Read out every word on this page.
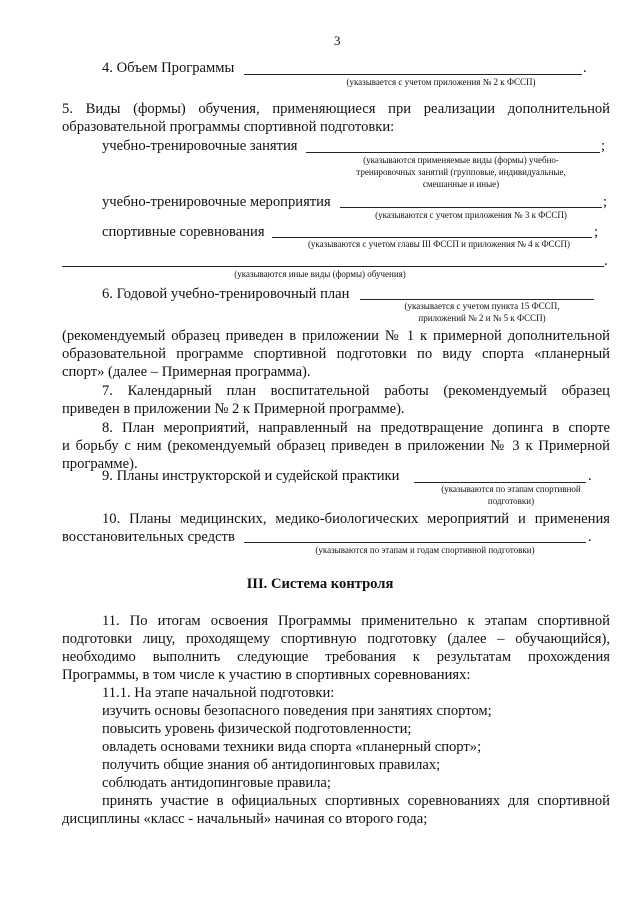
3
4. Объем Программы	.
(указывается с учетом приложения № 2 к ФССП)
5. Виды (формы) обучения, применяющиеся при реализации дополнительной
образовательной программы спортивной подготовки:
учебно-тренировочные занятия	;
(указываются применяемые виды (формы) учебно-
тренировочных занятий (групповые, индивидуальные,
смешанные и иные)
учебно-тренировочные мероприятия	;
(указываются с учетом приложения № 3 к ФССП)
спортивные соревнования	;
(указываются с учетом главы III ФССП и приложения № 4 к ФССП)
.
(указываются иные виды (формы) обучения)
6. Годовой учебно-тренировочный план
(указывается с учетом пункта 15 ФССП,
приложений № 2 и № 5 к ФССП)
(рекомендуемый образец приведен в приложении № 1 к примерной дополнительной
образовательной программе спортивной подготовки по виду спорта «планерный
спорт» (далее – Примерная программа).
7. Календарный план воспитательной работы (рекомендуемый образец
приведен в приложении № 2 к Примерной программе).
8. План мероприятий, направленный на предотвращение допинга в спорте
и борьбу с ним (рекомендуемый образец приведен в приложении № 3 к Примерной
программе).
9. Планы инструкторской и судейской практики	.
(указываются по этапам спортивной
подготовки)
10. Планы медицинских, медико-биологических мероприятий и применения
восстановительных средств	.
(указываются по этапам и годам спортивной подготовки)
III. Система контроля
11. По итогам освоения Программы применительно к этапам спортивной
подготовки лицу, проходящему спортивную подготовку (далее – обучающийся),
необходимо выполнить следующие требования к результатам прохождения
Программы, в том числе к участию в спортивных соревнованиях:
11.1. На этапе начальной подготовки:
изучить основы безопасного поведения при занятиях спортом;
повысить уровень физической подготовленности;
овладеть основами техники вида спорта «планерный спорт»;
получить общие знания об антидопинговых правилах;
соблюдать антидопинговые правила;
принять участие в официальных спортивных соревнованиях для спортивной
дисциплины «класс - начальный» начиная со второго года;
